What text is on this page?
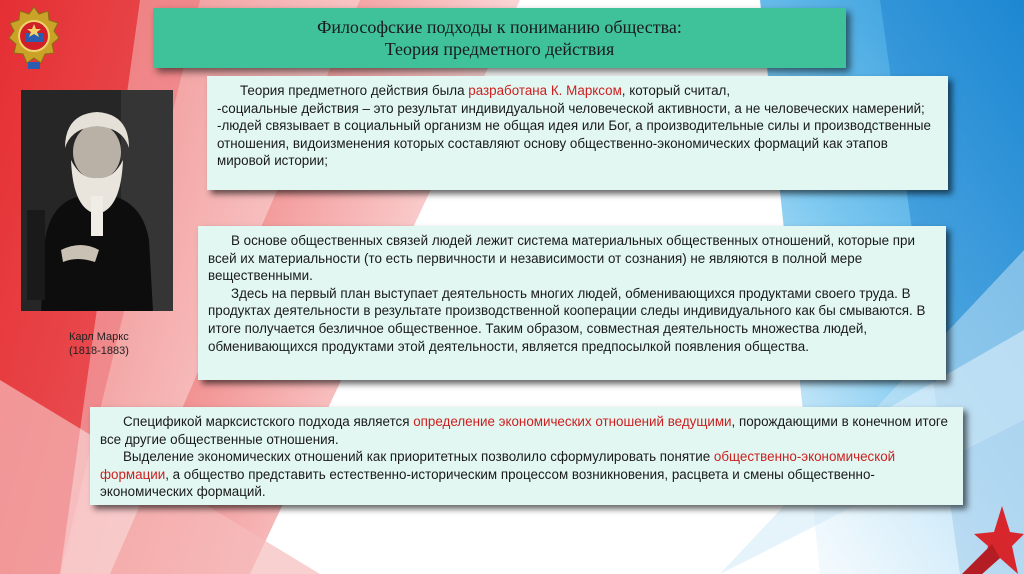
Философские подходы к пониманию общества:
Теория предметного действия
Карл Маркс
(1818-1883)

Теория предметного действия была разработана К. Марксом, который считал,

-социальные действия – это результат индивидуальной человеческой активности, а не человеческих намерений;

-людей связывает в социальный организм не общая идея или Бог, а производительные силы и производственные отношения, видоизменения которых составляют основу общественно-экономических формаций как этапов мировой истории;

В основе общественных связей людей лежит система материальных общественных отношений, которые при всей их материальности (то есть первичности и независимости от сознания) не являются в полной мере вещественными.

Здесь на первый план выступает деятельность многих людей, обменивающихся продуктами своего труда. В продуктах деятельности в результате производственной кооперации следы индивидуального как бы смываются. В итоге получается безличное общественное. Таким образом, совместная деятельность множества людей, обменивающихся продуктами этой деятельности, является предпосылкой появления общества.

Спецификой марксистского подхода является определение экономических отношений ведущими, порождающими в конечном итоге все другие общественные отношения.

Выделение экономических отношений как приоритетных позволило сформулировать понятие общественно-экономической формации, а общество представить естественно-историческим процессом возникновения, расцвета и смены общественно-экономических формаций.
